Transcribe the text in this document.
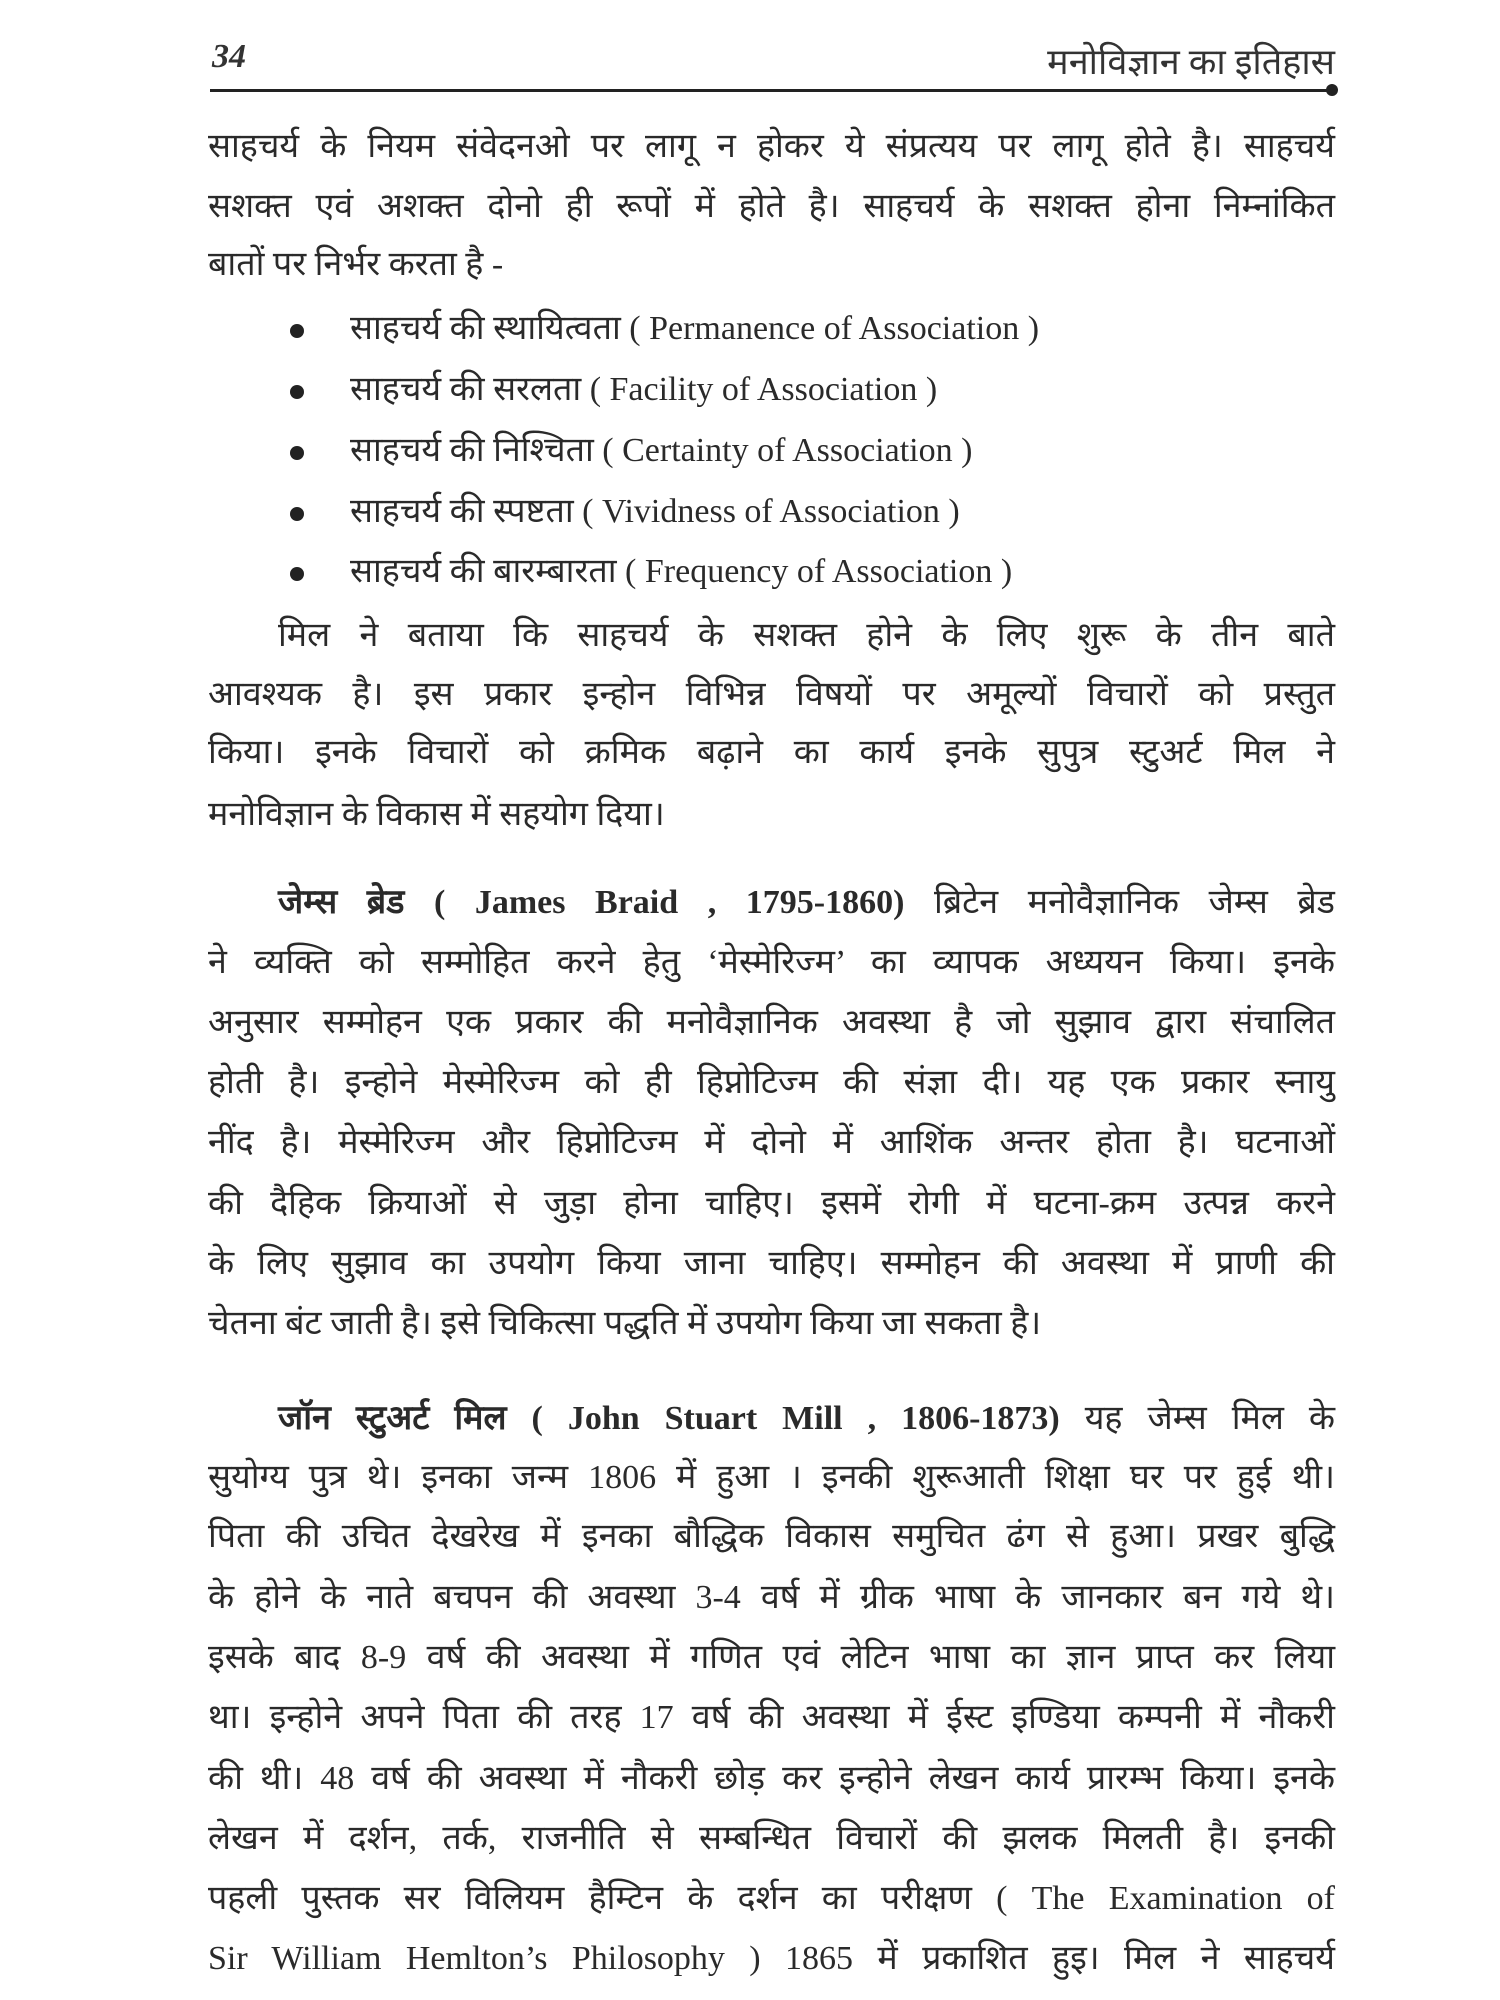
34	मनोविज्ञान का इतिहास
साहचर्य के नियम संवेदनओ पर लागू न होकर ये संप्रत्यय पर लागू होते है। साहचर्य
सशक्त एवं अशक्त दोनो ही रूपों में होते है। साहचर्य के सशक्त होना निम्नांकित
बातों पर निर्भर करता है -
साहचर्य की स्थायित्वता ( Permanence of Association )
साहचर्य की सरलता ( Facility of Association )
साहचर्य की निश्चिता ( Certainty of Association )
साहचर्य की स्पष्टता ( Vividness of Association )
साहचर्य की बारम्बारता ( Frequency of Association )
मिल ने बताया कि साहचर्य के सशक्त होने के लिए शुरू के तीन बाते
आवश्यक है। इस प्रकार इन्होन विभिन्न विषयों पर अमूल्यों विचारों को प्रस्तुत
किया। इनके विचारों को क्रमिक बढ़ाने का कार्य इनके सुपुत्र स्टुअर्ट मिल ने
मनोविज्ञान के विकास में सहयोग दिया।
जेम्स ब्रेड ( James Braid , 1795-1860) ब्रिटेन मनोवैज्ञानिक जेम्स ब्रेड
ने व्यक्ति को सम्मोहित करने हेतु ‘मेस्मेरिज्म’ का व्यापक अध्ययन किया। इनके
अनुसार सम्मोहन एक प्रकार की मनोवैज्ञानिक अवस्था है जो सुझाव द्वारा संचालित
होती है। इन्होने मेस्मेरिज्म को ही हिप्नोटिज्म की संज्ञा दी। यह एक प्रकार स्नायु
नींद है। मेस्मेरिज्म और हिप्नोटिज्म में दोनो में आशिंक अन्तर होता है। घटनाओं
की दैहिक क्रियाओं से जुड़ा होना चाहिए। इसमें रोगी में घटना-क्रम उत्पन्न करने
के लिए सुझाव का उपयोग किया जाना चाहिए। सम्मोहन की अवस्था में प्राणी की
चेतना बंट जाती है। इसे चिकित्सा पद्धति में उपयोग किया जा सकता है।
जॉन स्टुअर्ट मिल ( John Stuart Mill , 1806-1873) यह जेम्स मिल के
सुयोग्य पुत्र थे। इनका जन्म 1806 में हुआ । इनकी शुरूआती शिक्षा घर पर हुई थी।
पिता की उचित देखरेख में इनका बौद्धिक विकास समुचित ढंग से हुआ। प्रखर बुद्धि
के होने के नाते बचपन की अवस्था 3-4 वर्ष में ग्रीक भाषा के जानकार बन गये थे।
इसके बाद 8-9 वर्ष की अवस्था में गणित एवं लेटिन भाषा का ज्ञान प्राप्त कर लिया
था। इन्होने अपने पिता की तरह 17 वर्ष की अवस्था में ईस्ट इण्डिया कम्पनी में नौकरी
की थी। 48 वर्ष की अवस्था में नौकरी छोड़ कर इन्होने लेखन कार्य प्रारम्भ किया। इनके
लेखन में दर्शन, तर्क, राजनीति से सम्बन्धित विचारों की झलक मिलती है। इनकी
पहली पुस्तक सर विलियम हैम्टिन के दर्शन का परीक्षण ( The Examination of
Sir William Hemlton’s Philosophy ) 1865 में प्रकाशित हुइ। मिल ने साहचर्य
